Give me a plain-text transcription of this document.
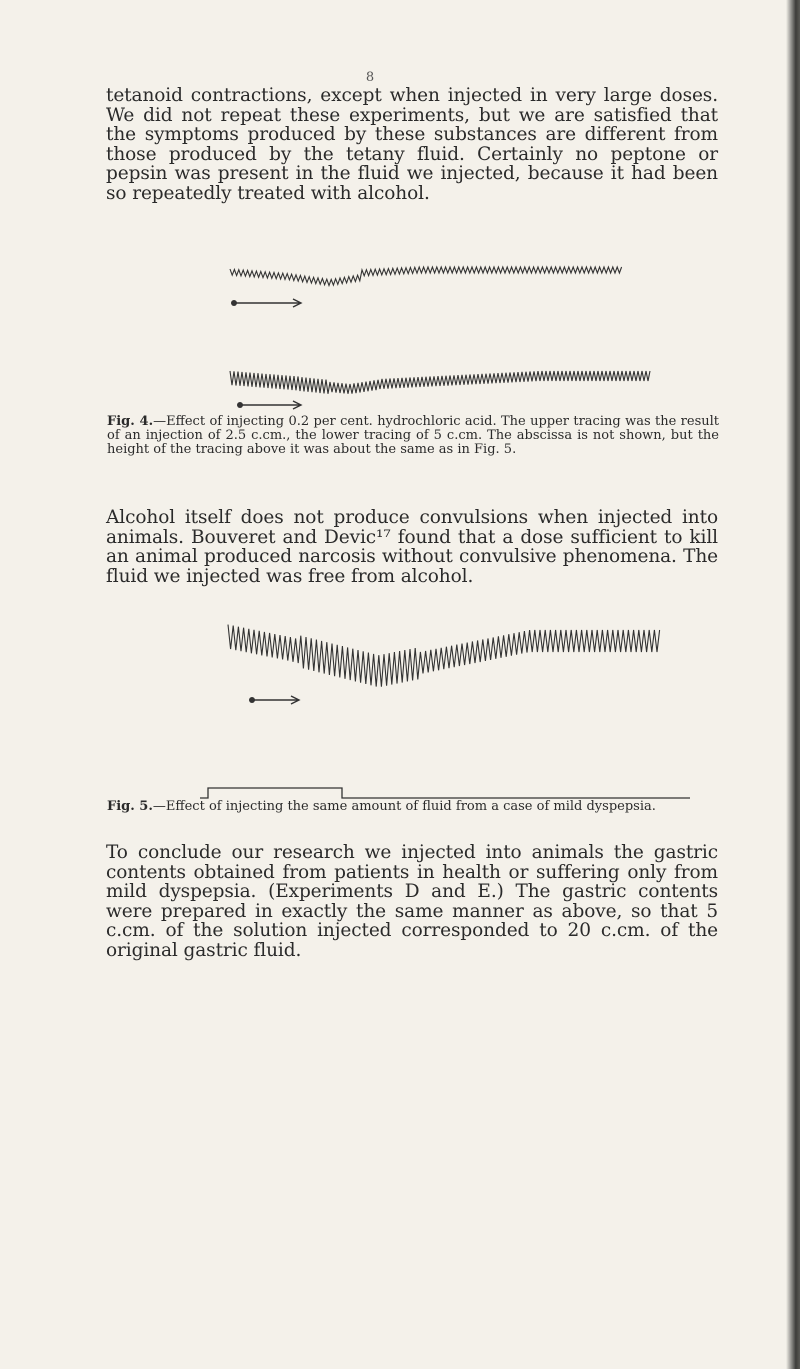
8

tetanoid contractions, except when injected in very large doses. We did not repeat these experiments, but we are satisfied that the symptoms produced by these substances are different from those produced by the tetany fluid. Certainly no peptone or pepsin was present in the fluid we injected, because it had been so repeatedly treated with alcohol.

Fig. 4.—Effect of injecting 0.2 per cent. hydrochloric acid. The upper tracing was the result of an injection of 2.5 c.cm., the lower tracing of 5 c.cm. The abscissa is not shown, but the height of the tracing above it was about the same as in Fig. 5.

Alcohol itself does not produce convulsions when injected into animals. Bouveret and Devic¹⁷ found that a dose sufficient to kill an animal produced narcosis without convulsive phenomena. The fluid we injected was free from alcohol.

Fig. 5.—Effect of injecting the same amount of fluid from a case of mild dyspepsia.

To conclude our research we injected into animals the gastric contents obtained from patients in health or suffering only from mild dyspepsia. (Experiments D and E.) The gastric contents were prepared in exactly the same manner as above, so that 5 c.cm. of the solution injected corresponded to 20 c.cm. of the original gastric fluid.
